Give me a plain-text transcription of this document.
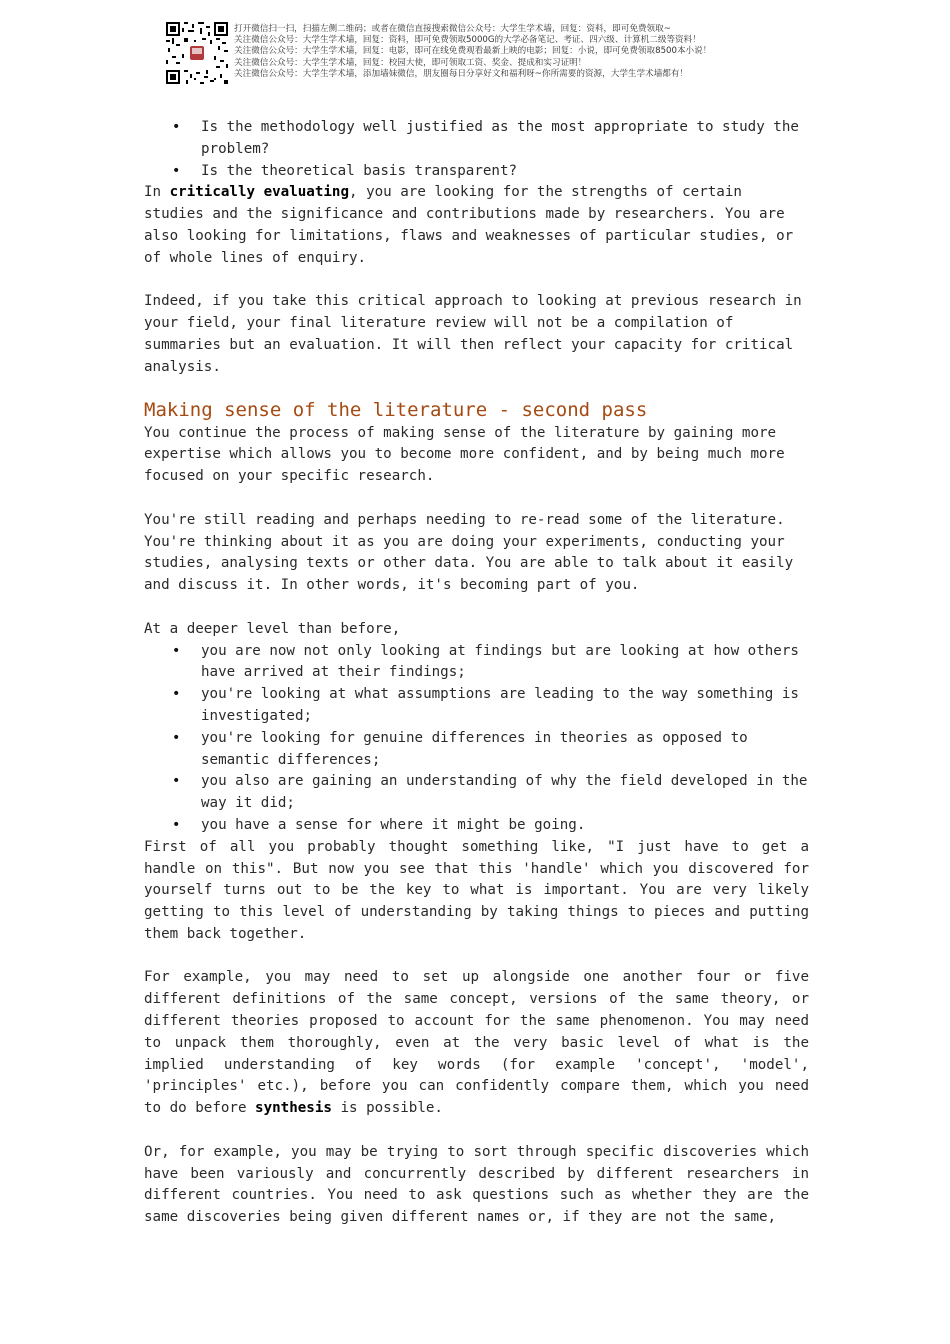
打开微信扫一扫，扫描左侧二维码；或者在微信直接搜索微信公众号：大学生学术墙，回复：资料，即可免费领取~
关注微信公众号：大学生学术墙，回复：资料，即可免费领取5000G的大学必备笔记、考证、四六级、计算机二级等资料！
关注微信公众号：大学生学术墙，回复：电影，即可在线免费观看最新上映的电影；回复：小说，即可免费领取8500本小说！
关注微信公众号：大学生学术墙，回复：校园大使，即可领取工资、奖金、提成和实习证明！
关注微信公众号：大学生学术墙，添加墙妹微信，朋友圈每日分享好文和福利呀~你所需要的资源，大学生学术墙都有！
• Is the methodology well justified as the most appropriate to study the problem?
• Is the theoretical basis transparent?

In critically evaluating, you are looking for the strengths of certain studies and the significance and contributions made by researchers. You are also looking for limitations, flaws and weaknesses of particular studies, or of whole lines of enquiry.

Indeed, if you take this critical approach to looking at previous research in your field, your final literature review will not be a compilation of summaries but an evaluation. It will then reflect your capacity for critical analysis.

Making sense of the literature - second pass

You continue the process of making sense of the literature by gaining more expertise which allows you to become more confident, and by being much more focused on your specific research.

You're still reading and perhaps needing to re-read some of the literature. You're thinking about it as you are doing your experiments, conducting your studies, analysing texts or other data. You are able to talk about it easily and discuss it. In other words, it's becoming part of you.

At a deeper level than before,

• you are now not only looking at findings but are looking at how others have arrived at their findings;
• you're looking at what assumptions are leading to the way something is investigated;
• you're looking for genuine differences in theories as opposed to semantic differences;
• you also are gaining an understanding of why the field developed in the way it did;
• you have a sense for where it might be going.

First of all you probably thought something like, "I just have to get a handle on this". But now you see that this 'handle' which you discovered for yourself turns out to be the key to what is important. You are very likely getting to this level of understanding by taking things to pieces and putting them back together.

For example, you may need to set up alongside one another four or five different definitions of the same concept, versions of the same theory, or different theories proposed to account for the same phenomenon. You may need to unpack them thoroughly, even at the very basic level of what is the implied understanding of key words (for example 'concept', 'model', 'principles' etc.), before you can confidently compare them, which you need to do before synthesis is possible.

Or, for example, you may be trying to sort through specific discoveries which have been variously and concurrently described by different researchers in different countries. You need to ask questions such as whether they are the same discoveries being given different names or, if they are not the same,
